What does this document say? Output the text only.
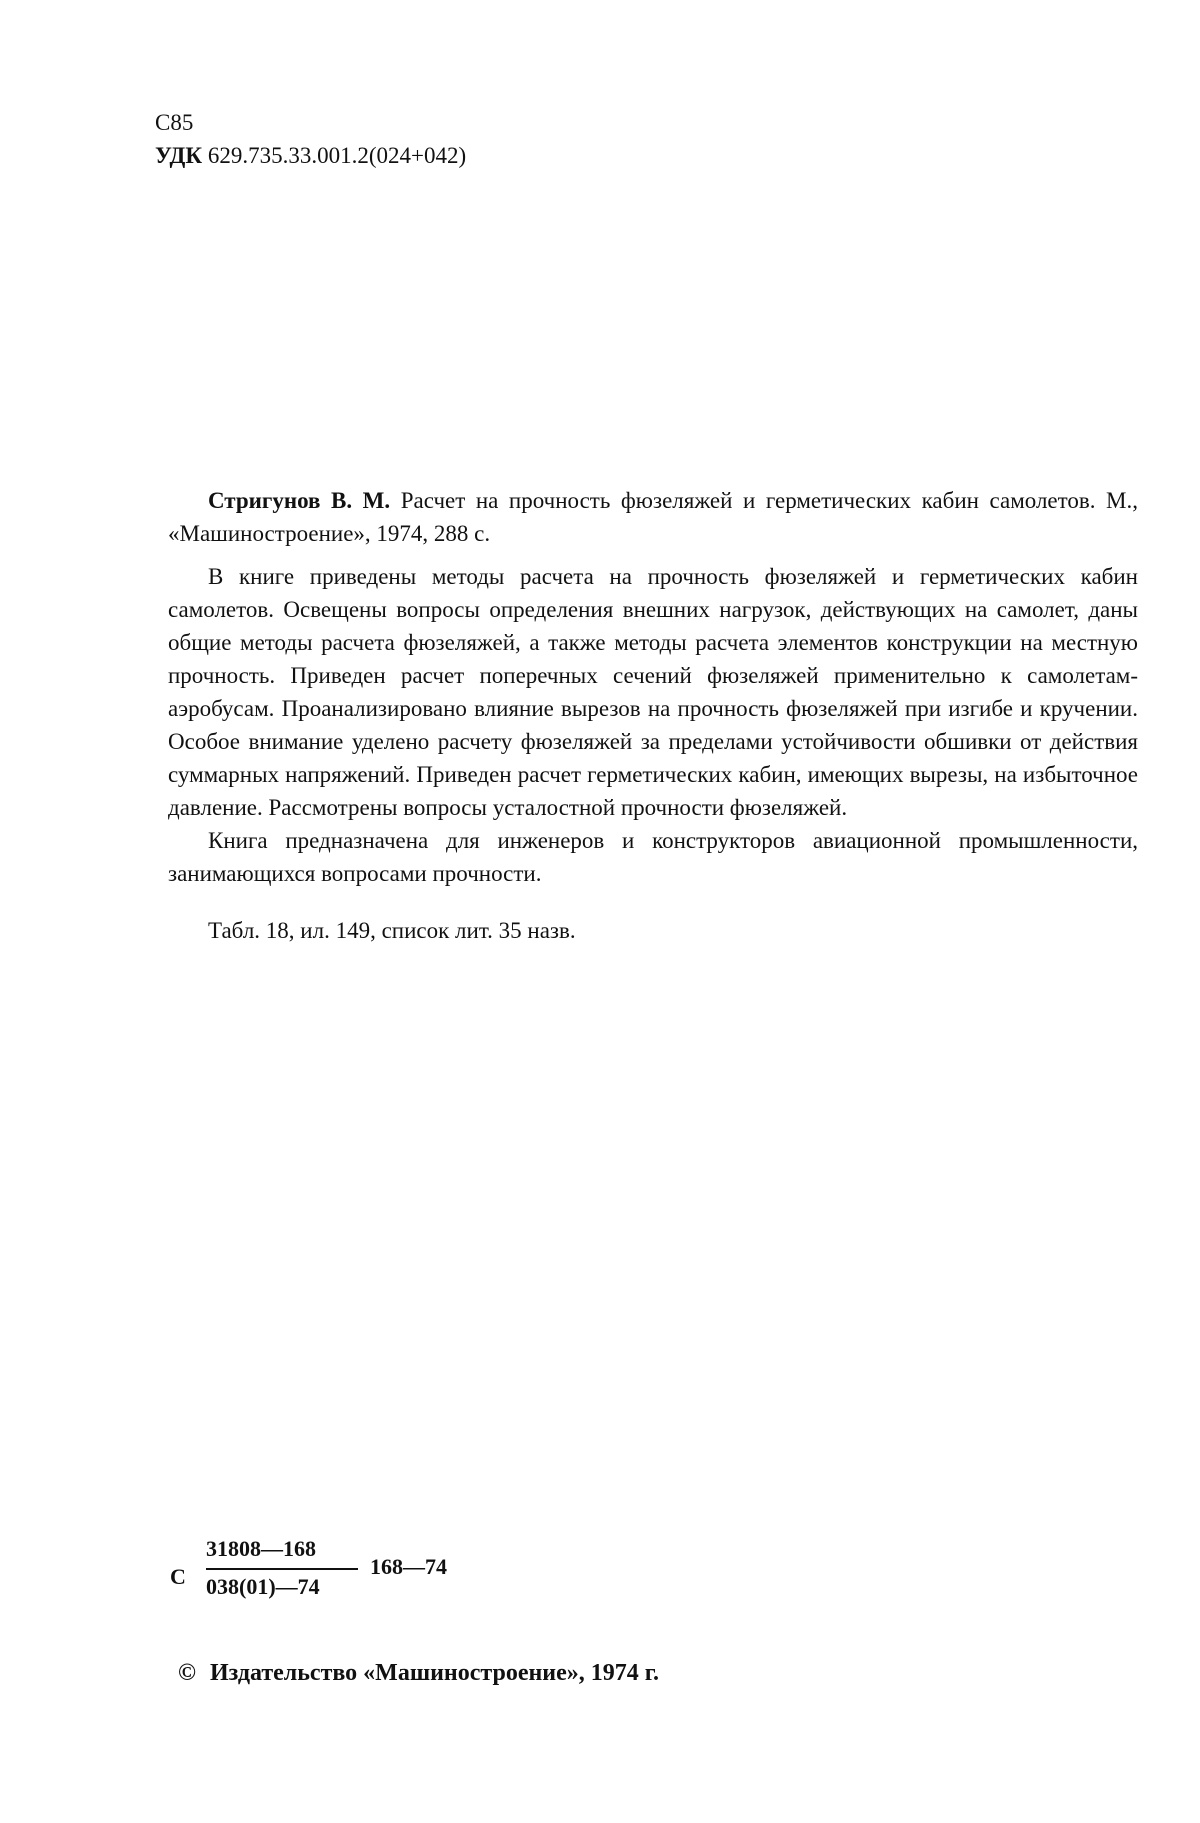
С85
УДК 629.735.33.001.2(024+042)

Стригунов В. М. Расчет на прочность фюзеляжей и герметических кабин самолетов. М., «Машиностроение», 1974, 288 с.

В книге приведены методы расчета на прочность фюзеляжей и герметических кабин самолетов. Освещены вопросы определения внешних нагрузок, действующих на самолет, даны общие методы расчета фюзеляжей, а также методы расчета элементов конструкции на местную прочность. Приведен расчет поперечных сечений фюзеляжей применительно к самолетам-аэробусам. Проанализировано влияние вырезов на прочность фюзеляжей при изгибе и кручении. Особое внимание уделено расчету фюзеляжей за пределами устойчивости обшивки от действия суммарных напряжений. Приведен расчет герметических кабин, имеющих вырезы, на избыточное давление. Рассмотрены вопросы усталостной прочности фюзеляжей.

Книга предназначена для инженеров и конструкторов авиационной промышленности, занимающихся вопросами прочности.

Табл. 18, ил. 149, список лит. 35 назв.

С
31808—168
038(01)—74
168—74
© Издательство «Машиностроение», 1974 г.
